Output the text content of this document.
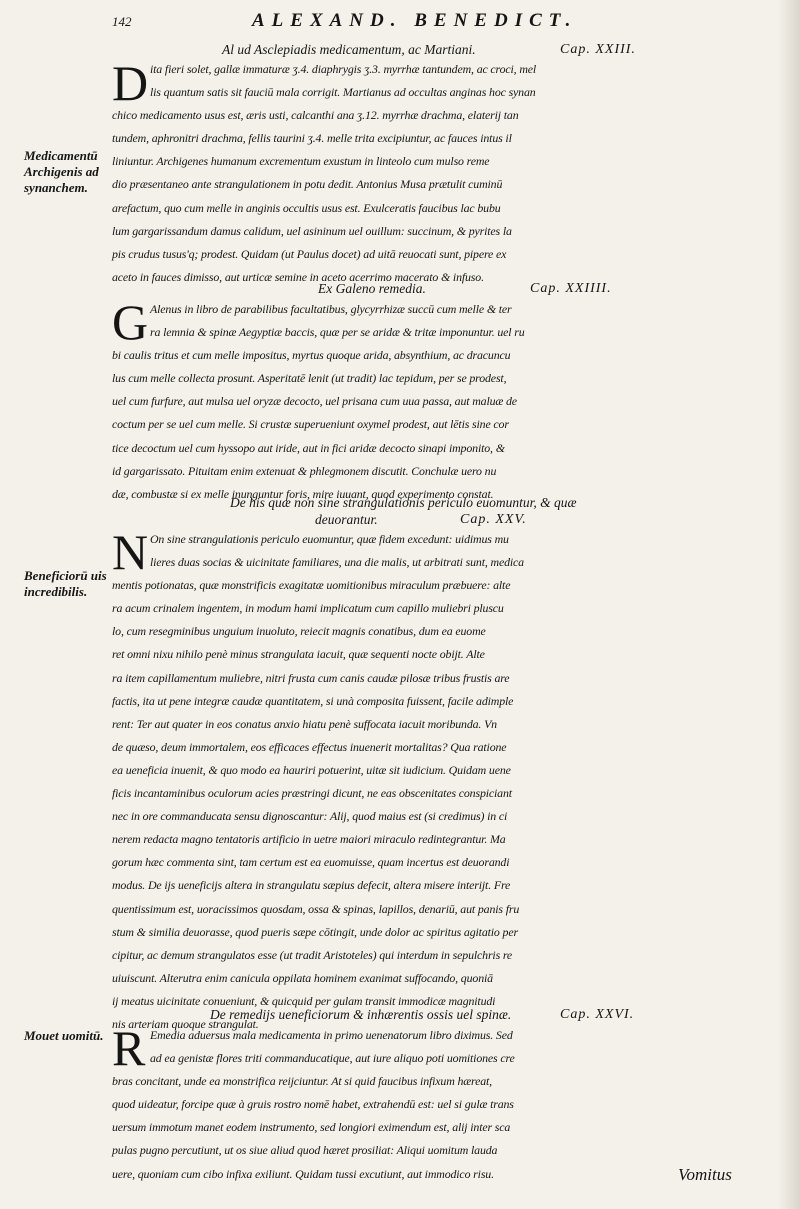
142	ALEXAND. BENEDICT.
Al ud Asclepiadis medicamentum, ac Martiani.	Cap. XXIII.
D ita fieri solet, gallæ immaturæ ʒ.4. diaphrygis ʒ.3. myrrhæ tantundem, ac croci, mel
lis quantum satis sit fauciū mala corrigit. Martianus ad occultas anginas hoc synan
chico medicamento usus est, æris usti, calcanthi ana ʒ.12. myrrhæ drachma, elaterij tan
tundem, aphronitri drachma, fellis taurini ʒ.4. melle trita excipiuntur, ac fauces intus il
liniuntur. Archigenes humanum excrementum exustum in linteolo cum mulso reme
dio præsentaneo ante strangulationem in potu dedit. Antonius Musa prætulit cuminū
arefactum, quo cum melle in anginis occultis usus est. Exulceratis faucibus lac bubu
lum gargarissandum damus calidum, uel asininum uel ouillum: succinum, & pyrites la
pis crudus tusus'q; prodest. Quidam (ut Paulus docet) ad uitā reuocati sunt, pipere ex
aceto in fauces dimisso, aut urticæ semine in aceto acerrimo macerato & infuso.
Ex Galeno remedia.	Cap. XXIIII.
G Alenus in libro de parabilibus facultatibus, glycyrrhizæ succū cum melle & ter
ra lemnia & spinæ Aegyptiæ baccis, quæ per se aridæ & tritæ imponuntur. uel ru
bi caulis tritus et cum melle impositus, myrtus quoque arida, absynthium, ac dracuncu
lus cum melle collecta prosunt. Asperitatē lenit (ut tradit) lac tepidum, per se prodest,
uel cum furfure, aut mulsa uel oryzæ decocto, uel prisana cum uua passa, aut maluæ de
coctum per se uel cum melle. Si crustæ superueniunt oxymel prodest, aut lētis sine cor
tice decoctum uel cum hyssopo aut iride, aut in fici aridæ decocto sinapi imponito, &
id gargarissato. Pituitam enim extenuat & phlegmonem discutit. Conchulæ uero nu
dæ, combustæ si ex melle inunguntur foris, mire iuuant, quod experimento constat.
De his quæ non sine strangulationis periculo euomuntur, & quæ
deuorantur.	Cap. XXV.
N On sine strangulationis periculo euomuntur, quæ fidem excedunt: uidimus mu
lieres duas socias & uicinitate familiares, una die malis, ut arbitrati sunt, medica
mentis potionatas, quæ monstrificis exagitatæ uomitionibus miraculum præbuere: alte
ra acum crinalem ingentem, in modum hami implicatum cum capillo muliebri pluscu
lo, cum resegminibus unguium inuoluto, reiecit magnis conatibus, dum ea euome
ret omni nixu nihilo penè minus strangulata iacuit, quæ sequenti nocte obijt. Alte
ra item capillamentum muliebre, nitri frusta cum canis caudæ pilosæ tribus frustis are
factis, ita ut pene integræ caudæ quantitatem, si unà composita fuissent, facile adimple
rent: Ter aut quater in eos conatus anxio hiatu penè suffocata iacuit moribunda. Vn
de quæso, deum immortalem, eos efficaces effectus inuenerit mortalitas? Qua ratione
ea ueneficia inuenit, & quo modo ea hauriri potuerint, uitæ sit iudicium. Quidam uene
ficis incantaminibus oculorum acies præstringi dicunt, ne eas obscenitates conspiciant
nec in ore commanducata sensu dignoscantur: Alij, quod maius est (si credimus) in ci
nerem redacta magno tentatoris artificio in uetre maiori miraculo redintegrantur. Ma
gorum hæc commenta sint, tam certum est ea euomuisse, quam incertus est deuorandi
modus. De ijs ueneficijs altera in strangulatu sæpius defecit, altera misere interijt. Fre
quentissimum est, uoracissimos quosdam, ossa & spinas, lapillos, denariū, aut panis fru
stum & similia deuorasse, quod pueris sæpe cōtingit, unde dolor ac spiritus agitatio per
cipitur, ac demum strangulatos esse (ut tradit Aristoteles) qui interdum in sepulchris re
uiuiscunt. Alterutra enim canicula oppilata hominem exanimat suffocando, quoniā
ij meatus uicinitate conueniunt, & quicquid per gulam transit immodicæ magnitudi
nis arteriam quoque strangulat.
De remedijs ueneficiorum & inhærentis ossis uel spinæ.	Cap. XXVI.
R Emedia aduersus mala medicamenta in primo uenenatorum libro diximus. Sed
ad ea genistæ flores triti commanducatique, aut iure aliquo poti uomitiones cre
bras concitant, unde ea monstrifica reijciuntur. At si quid faucibus infixum hæreat,
quod uideatur, forcipe quæ à gruis rostro nomē habet, extrahendū est: uel si gulæ trans
uersum immotum manet eodem instrumento, sed longiori eximendum est, alij inter sca
pulas pugno percutiunt, ut os siue aliud quod hæret prosiliat: Aliqui uomitum lauda
uere, quoniam cum cibo infixa exiliunt. Quidam tussi excutiunt, aut immodico risu.
Medicamentū Archigenis ad synanchem.
Beneficiorū uis incredibilis.
Mouet uomitū.
Vomitus
